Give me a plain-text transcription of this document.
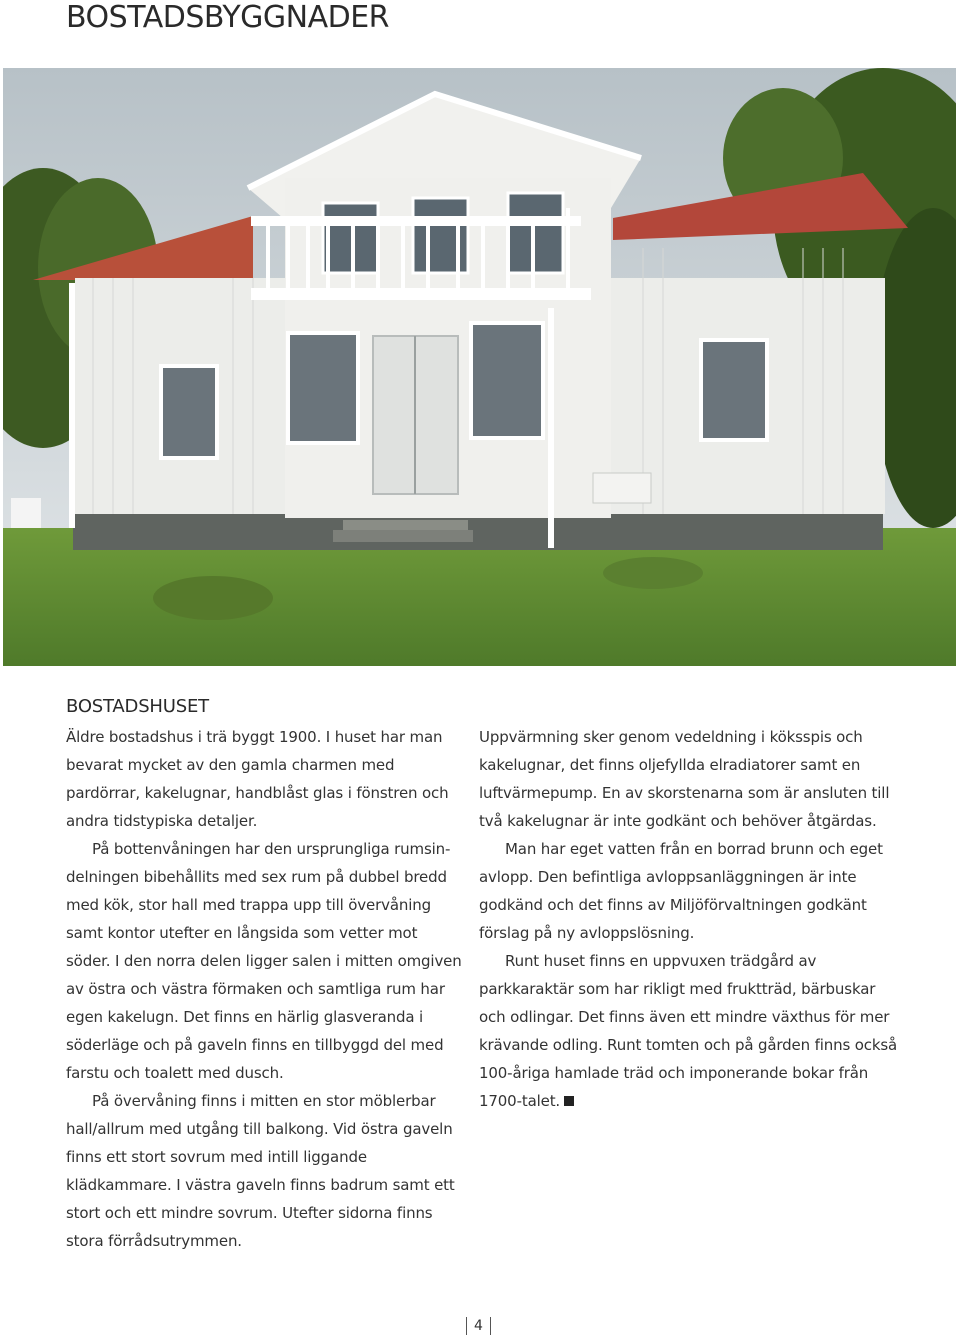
BOSTADSBYGGNADER
BOSTADSHUSET

Äldre bostadshus i trä byggt 1900. I huset har man bevarat mycket av den gamla charmen med pardörrar, kakelugnar, handblåst glas i fönstren och andra tidstypiska detaljer.

På bottenvåningen har den ursprungliga rumsin-delningen bibehållits med sex rum på dubbel bredd med kök, stor hall med trappa upp till övervåning samt kontor utefter en långsida som vetter mot söder. I den norra delen ligger salen i mitten omgiven av östra och västra förmaken och samtliga rum har egen kakelugn. Det finns en härlig glasveranda i söderläge och på gaveln finns en tillbyggd del med farstu och toalett med dusch.

På övervåning finns i mitten en stor möblerbar hall/allrum med utgång till balkong. Vid östra gaveln finns ett stort sovrum med intill liggande klädkammare. I västra gaveln finns badrum samt ett stort och ett mindre sovrum. Utefter sidorna finns stora förrådsutrymmen.

Uppvärmning sker genom vedeldning i köksspis och kakelugnar, det finns oljefyllda elradiatorer samt en luftvärmepump. En av skorstenarna som är ansluten till två kakelugnar är inte godkänt och behöver åtgärdas.

Man har eget vatten från en borrad brunn och eget avlopp. Den befintliga avloppsanläggningen är inte godkänd och det finns av Miljöförvaltningen godkänt förslag på ny avloppslösning.

Runt huset finns en uppvuxen trädgård av parkkaraktär som har rikligt med fruktträd, bärbuskar och odlingar. Det finns även ett mindre växthus för mer krävande odling. Runt tomten och på gården finns också 100-åriga hamlade träd och imponerande bokar från 1700-talet.

4
